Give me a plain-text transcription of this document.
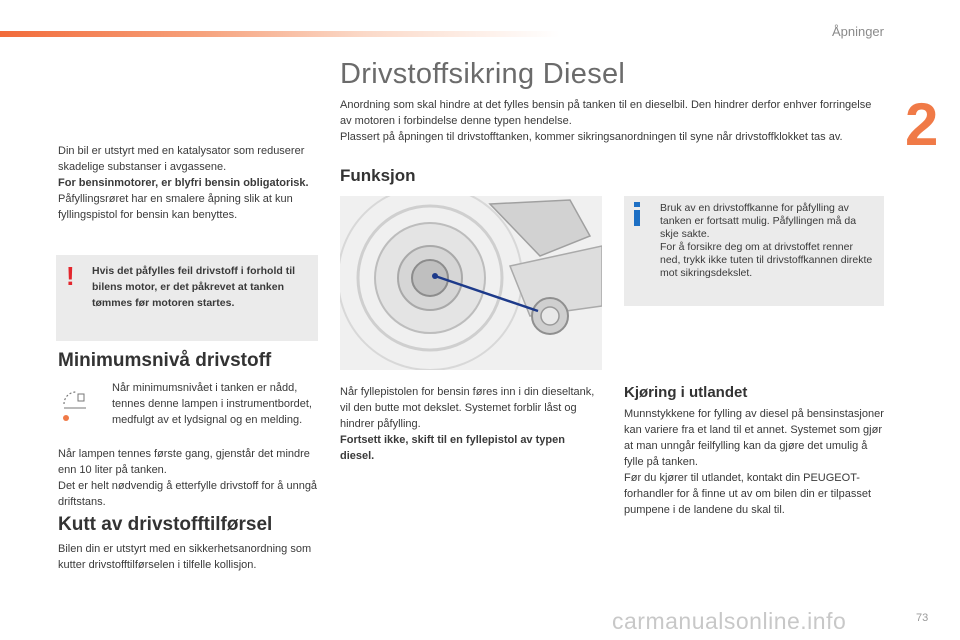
Åpninger
2

Din bil er utstyrt med en katalysator som reduserer skadelige substanser i avgassene.

For bensinmotorer, er blyfri bensin obligatorisk.

Påfyllingsrøret har en smalere åpning slik at kun fyllingspistol for bensin kan benyttes.

! Hvis det påfylles feil drivstoff i forhold til bilens motor, er det påkrevet at tanken tømmes før motoren startes.
Minimumsnivå drivstoff

Når minimumsnivået i tanken er nådd, tennes denne lampen i instrumentbordet, medfulgt av et lydsignal og en melding.

Når lampen tennes første gang, gjenstår det mindre enn 10 liter på tanken.

Det er helt nødvendig å etterfylle drivstoff for å unngå driftstans.

Kutt av drivstofftilførsel

Bilen din er utstyrt med en sikkerhetsanordning som kutter drivstofftilførselen i tilfelle kollisjon.

Drivstoffsikring Diesel

Anordning som skal hindre at det fylles bensin på tanken til en dieselbil. Den hindrer derfor enhver forringelse av motoren i forbindelse denne typen hendelse.

Plassert på åpningen til drivstofftanken, kommer sikringsanordningen til syne når drivstoffklokket tas av.

Funksjon
Bruk av en drivstoffkanne for påfylling av tanken er fortsatt mulig. Påfyllingen må da skje sakte.
For å forsikre deg om at drivstoffet renner ned, trykk ikke tuten til drivstoffkannen direkte mot sikringsdekslet.

Når fyllepistolen for bensin føres inn i din dieseltank, vil den butte mot dekslet. Systemet forblir låst og hindrer påfylling.

Fortsett ikke, skift til en fyllepistol av typen diesel.

Kjøring i utlandet

Munnstykkene for fylling av diesel på bensinstasjoner kan variere fra et land til et annet. Systemet som gjør at man unngår feilfylling kan da gjøre det umulig å fylle på tanken.

Før du kjører til utlandet, kontakt din PEUGEOT-forhandler for å finne ut av om bilen din er tilpasset pumpene i de landene du skal til.

carmanualsonline.info	73
